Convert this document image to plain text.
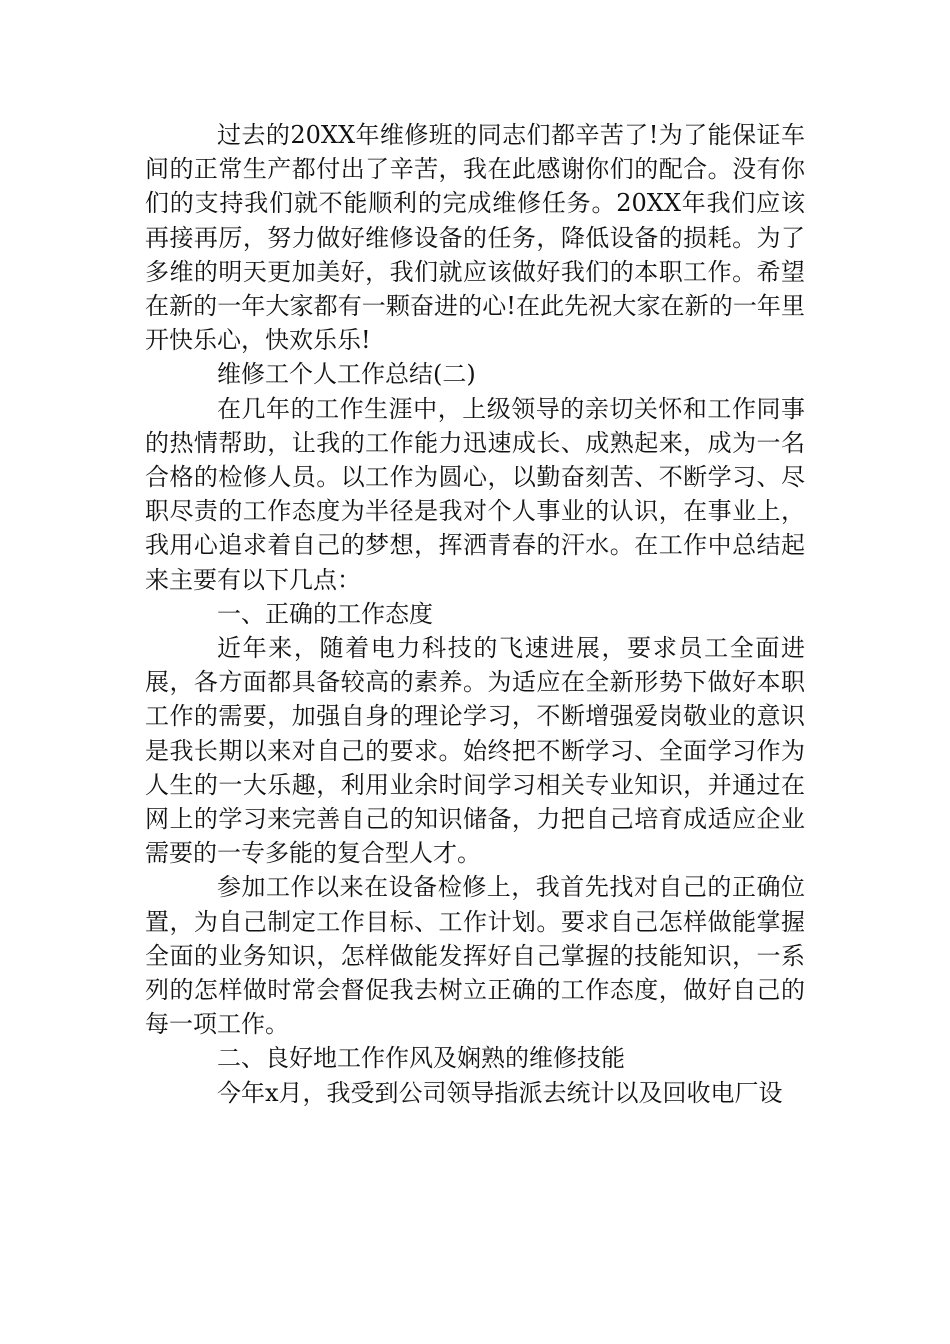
过去的20XX年维修班的同志们都辛苦了!为了能保证车间的正常生产都付出了辛苦，我在此感谢你们的配合。没有你们的支持我们就不能顺利的完成维修任务。20XX年我们应该再接再厉，努力做好维修设备的任务，降低设备的损耗。为了多维的明天更加美好，我们就应该做好我们的本职工作。希望在新的一年大家都有一颗奋进的心!在此先祝大家在新的一年里开快乐心，快欢乐乐!

维修工个人工作总结(二)

在几年的工作生涯中，上级领导的亲切关怀和工作同事的热情帮助，让我的工作能力迅速成长、成熟起来，成为一名合格的检修人员。以工作为圆心，以勤奋刻苦、不断学习、尽职尽责的工作态度为半径是我对个人事业的认识，在事业上，我用心追求着自己的梦想，挥洒青春的汗水。在工作中总结起来主要有以下几点：

一、正确的工作态度

近年来，随着电力科技的飞速进展，要求员工全面进展，各方面都具备较高的素养。为适应在全新形势下做好本职工作的需要，加强自身的理论学习，不断增强爱岗敬业的意识是我长期以来对自己的要求。始终把不断学习、全面学习作为人生的一大乐趣，利用业余时间学习相关专业知识，并通过在网上的学习来完善自己的知识储备，力把自己培育成适应企业需要的一专多能的复合型人才。

参加工作以来在设备检修上，我首先找对自己的正确位置，为自己制定工作目标、工作计划。要求自己怎样做能掌握全面的业务知识，怎样做能发挥好自己掌握的技能知识，一系列的怎样做时常会督促我去树立正确的工作态度，做好自己的每一项工作。

二、良好地工作作风及娴熟的维修技能

今年x月，我受到公司领导指派去统计以及回收电厂设
